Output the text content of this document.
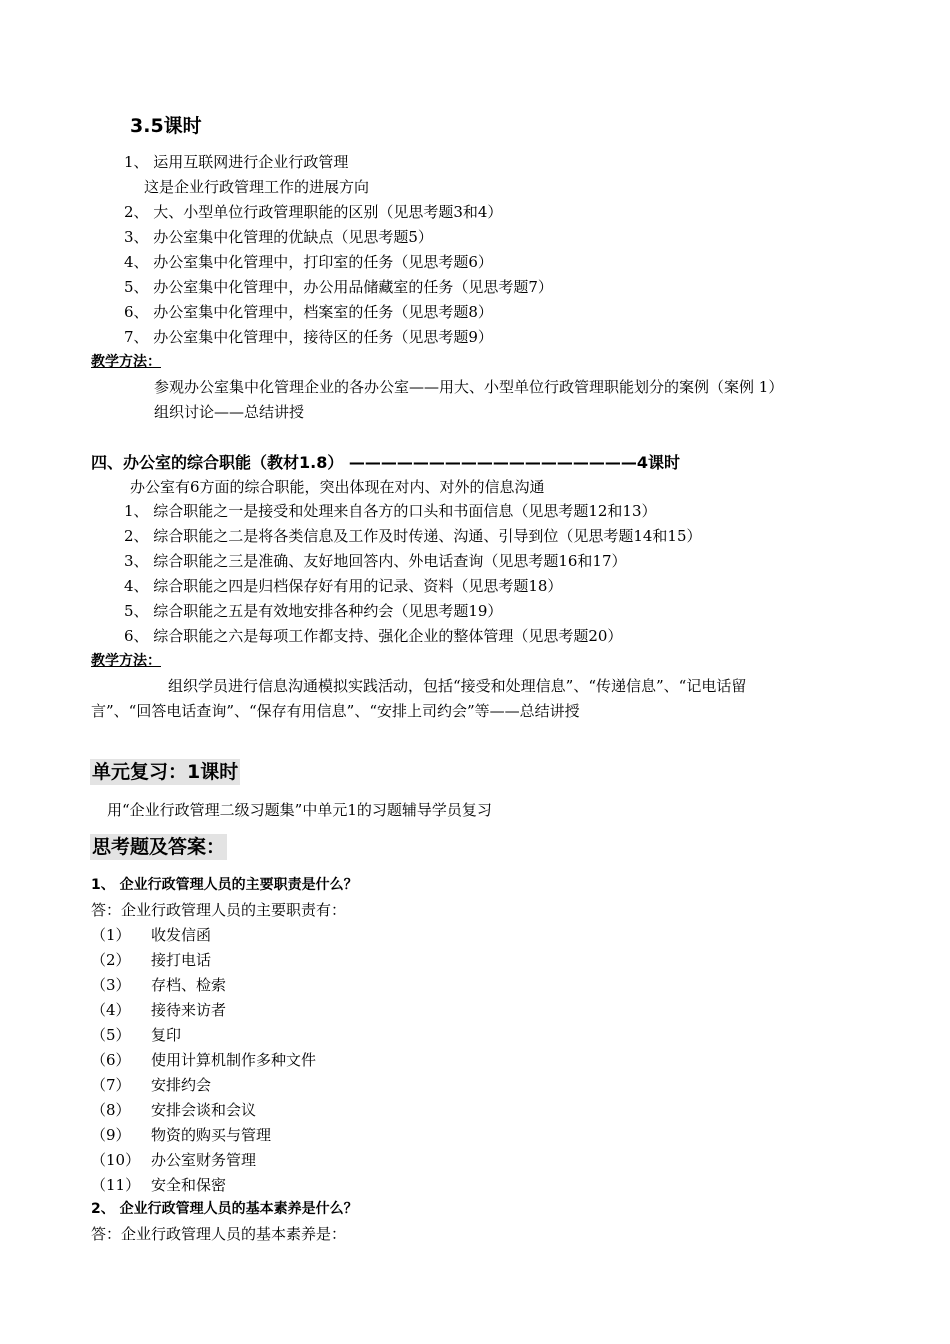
3.5课时
1、 运用互联网进行企业行政管理
这是企业行政管理工作的进展方向
2、 大、小型单位行政管理职能的区别（见思考题3和4）
3、 办公室集中化管理的优缺点（见思考题5）
4、 办公室集中化管理中，打印室的任务（见思考题6）
5、 办公室集中化管理中，办公用品储藏室的任务（见思考题7）
6、 办公室集中化管理中，档案室的任务（见思考题8）
7、 办公室集中化管理中，接待区的任务（见思考题9）
教学方法：
参观办公室集中化管理企业的各办公室——用大、小型单位行政管理职能划分的案例（案例 1）
组织讨论——总结讲授
四、办公室的综合职能（教材1.8） ——————————————————4课时
办公室有6方面的综合职能，突出体现在对内、对外的信息沟通
1、 综合职能之一是接受和处理来自各方的口头和书面信息（见思考题12和13）
2、 综合职能之二是将各类信息及工作及时传递、沟通、引导到位（见思考题14和15）
3、 综合职能之三是准确、友好地回答内、外电话查询（见思考题16和17）
4、 综合职能之四是归档保存好有用的记录、资料（见思考题18）
5、 综合职能之五是有效地安排各种约会（见思考题19）
6、 综合职能之六是每项工作都支持、强化企业的整体管理（见思考题20）
教学方法：
组织学员进行信息沟通模拟实践活动，包括“接受和处理信息”、“传递信息”、“记电话留
言”、“回答电话查询”、“保存有用信息”、“安排上司约会”等——总结讲授
单元复习：1课时
用“企业行政管理二级习题集”中单元1的习题辅导学员复习
思考题及答案：
1、 企业行政管理人员的主要职责是什么？
答：企业行政管理人员的主要职责有：
（1） 收发信函
（2） 接打电话
（3） 存档、检索
（4） 接待来访者
（5） 复印
（6） 使用计算机制作多种文件
（7） 安排约会
（8） 安排会谈和会议
（9） 物资的购买与管理
（10） 办公室财务管理
（11） 安全和保密
2、 企业行政管理人员的基本素养是什么？
答：企业行政管理人员的基本素养是：
